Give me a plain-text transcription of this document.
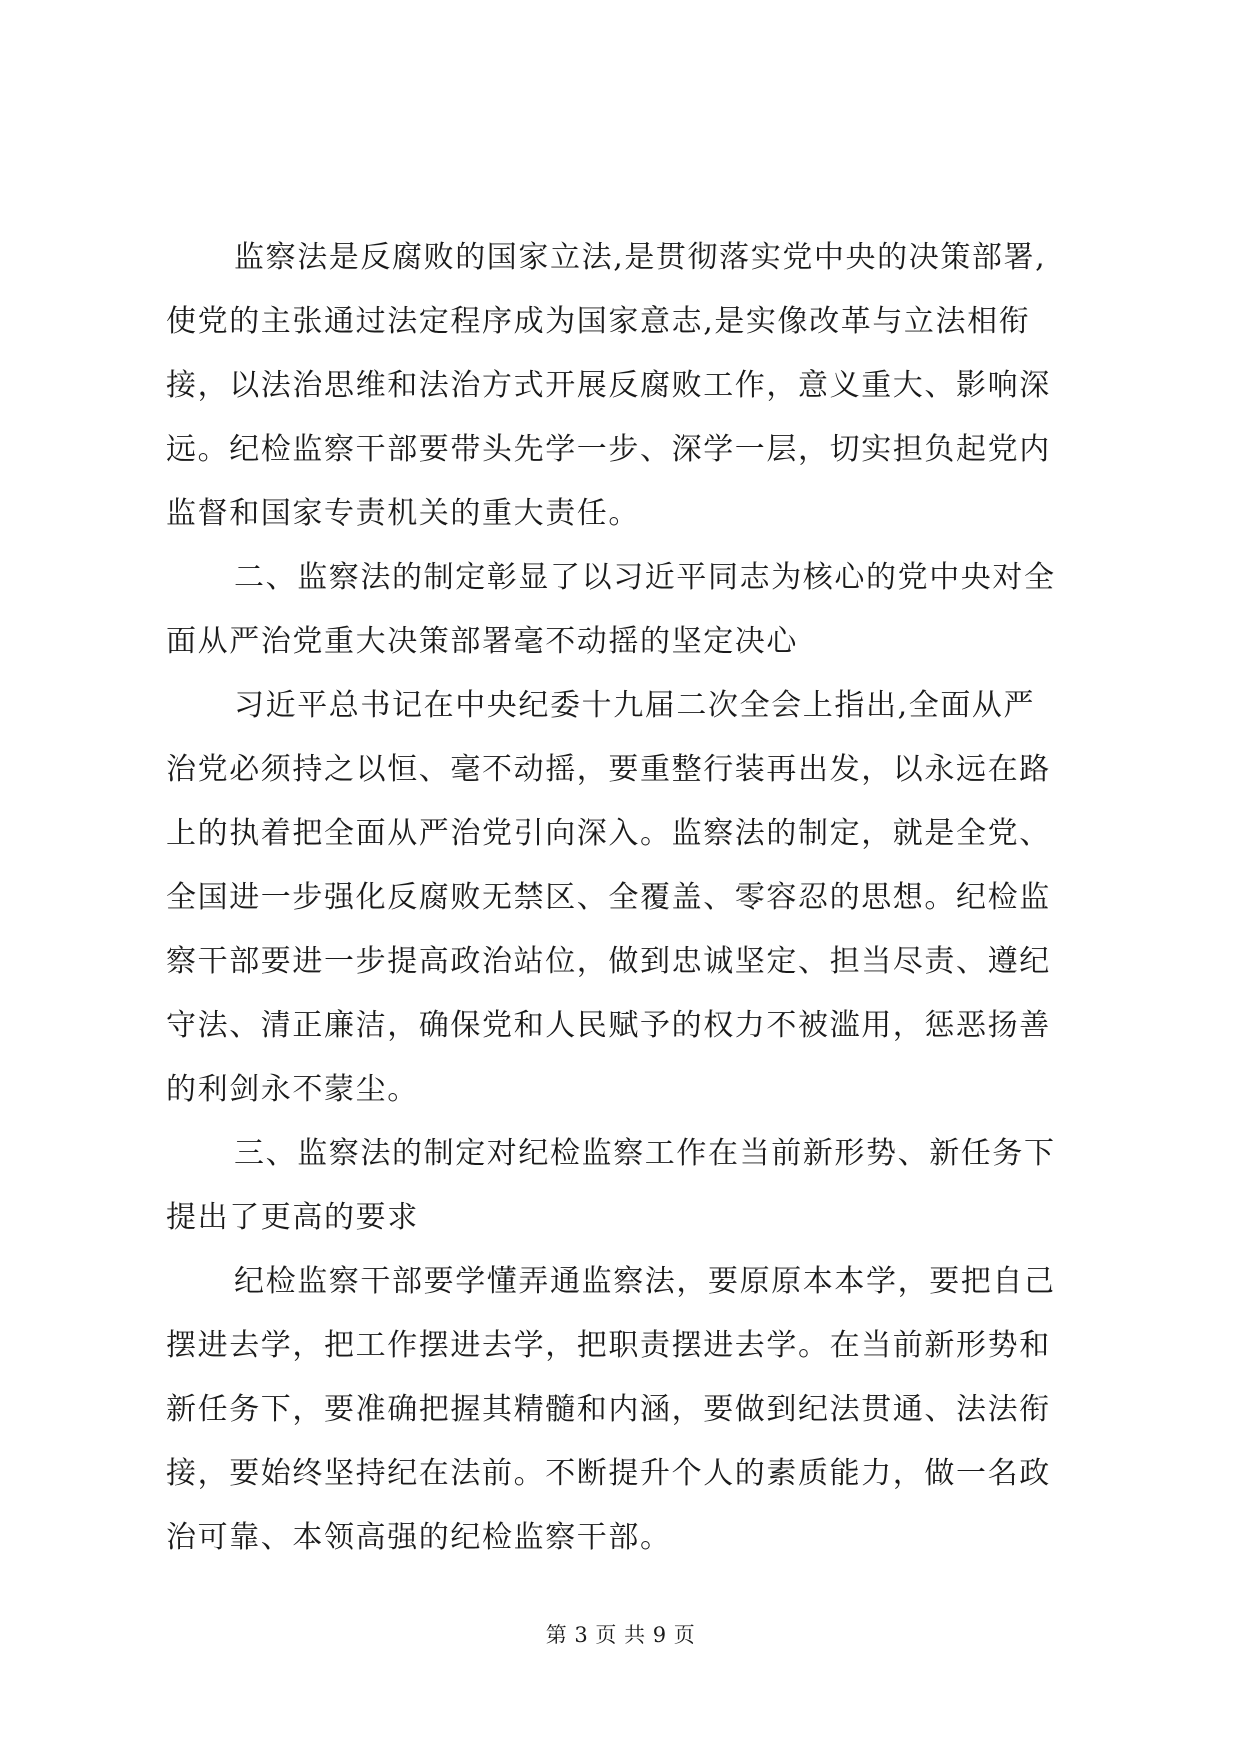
监察法是反腐败的国家立法,是贯彻落实党中央的决策部署,
使党的主张通过法定程序成为国家意志,是实像改革与立法相衔
接，以法治思维和法治方式开展反腐败工作，意义重大、影响深
远。纪检监察干部要带头先学一步、深学一层，切实担负起党内
监督和国家专责机关的重大责任。
二、监察法的制定彰显了以习近平同志为核心的党中央对全
面从严治党重大决策部署毫不动摇的坚定决心
习近平总书记在中央纪委十九届二次全会上指出,全面从严
治党必须持之以恒、毫不动摇，要重整行装再出发，以永远在路
上的执着把全面从严治党引向深入。监察法的制定，就是全党、
全国进一步强化反腐败无禁区、全覆盖、零容忍的思想。纪检监
察干部要进一步提高政治站位，做到忠诚坚定、担当尽责、遵纪
守法、清正廉洁，确保党和人民赋予的权力不被滥用，惩恶扬善
的利剑永不蒙尘。
三、监察法的制定对纪检监察工作在当前新形势、新任务下
提出了更高的要求
纪检监察干部要学懂弄通监察法，要原原本本学，要把自己
摆进去学，把工作摆进去学，把职责摆进去学。在当前新形势和
新任务下，要准确把握其精髓和内涵，要做到纪法贯通、法法衔
接，要始终坚持纪在法前。不断提升个人的素质能力，做一名政
治可靠、本领高强的纪检监察干部。
第 3 页 共 9 页
